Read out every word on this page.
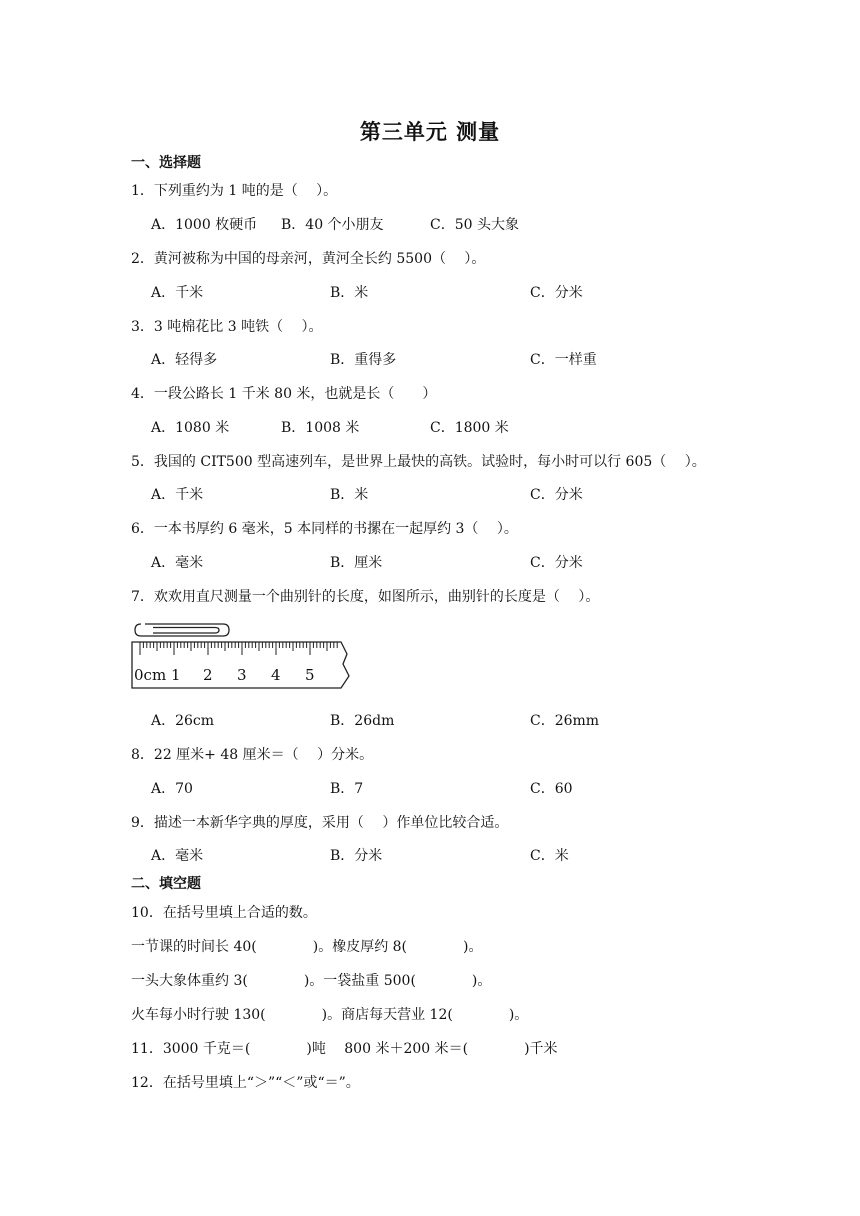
第三单元 测量
一、选择题
1．下列重约为 1 吨的是（　 ）。
A．1000 枚硬币 B．40 个小朋友	C．50 头大象
2．黄河被称为中国的母亲河，黄河全长约 5500（　 ）。
A．千米	B．米	C．分米
3．3 吨棉花比 3 吨铁（　 ）。
A．轻得多	B．重得多	C．一样重
4．一段公路长 1 千米 80 米，也就是长（　　）
A．1080 米	B．1008 米	C．1800 米
5．我国的 CIT500 型高速列车，是世界上最快的高铁。试验时，每小时可以行 605（　 ）。
A．千米	B．米	C．分米
6．一本书厚约 6 毫米，5 本同样的书摞在一起厚约 3（　 ）。
A．毫米	B．厘米	C．分米
7．欢欢用直尺测量一个曲别针的长度，如图所示，曲别针的长度是（　 ）。
0cm 1 2 3 4 5
A．26cm	B．26dm	C．26mm
8．22 厘米+ 48 厘米＝（　 ）分米。
A．70	B．7	C．60
9．描述一本新华字典的厚度，采用（　 ）作单位比较合适。
A．毫米	B．分米	C．米
二、填空题
10．在括号里填上合适的数。
一节课的时间长 40(　　　　)。橡皮厚约 8(　　　　)。
一头大象体重约 3(　　　　)。一袋盐重 500(　　　　)。
火车每小时行驶 130(　　　　)。商店每天营业 12(　　　　)。
11．3000 千克＝(　　　　)吨　 800 米＋200 米＝(　　　　)千米
12．在括号里填上“＞”“＜”或“＝”。
